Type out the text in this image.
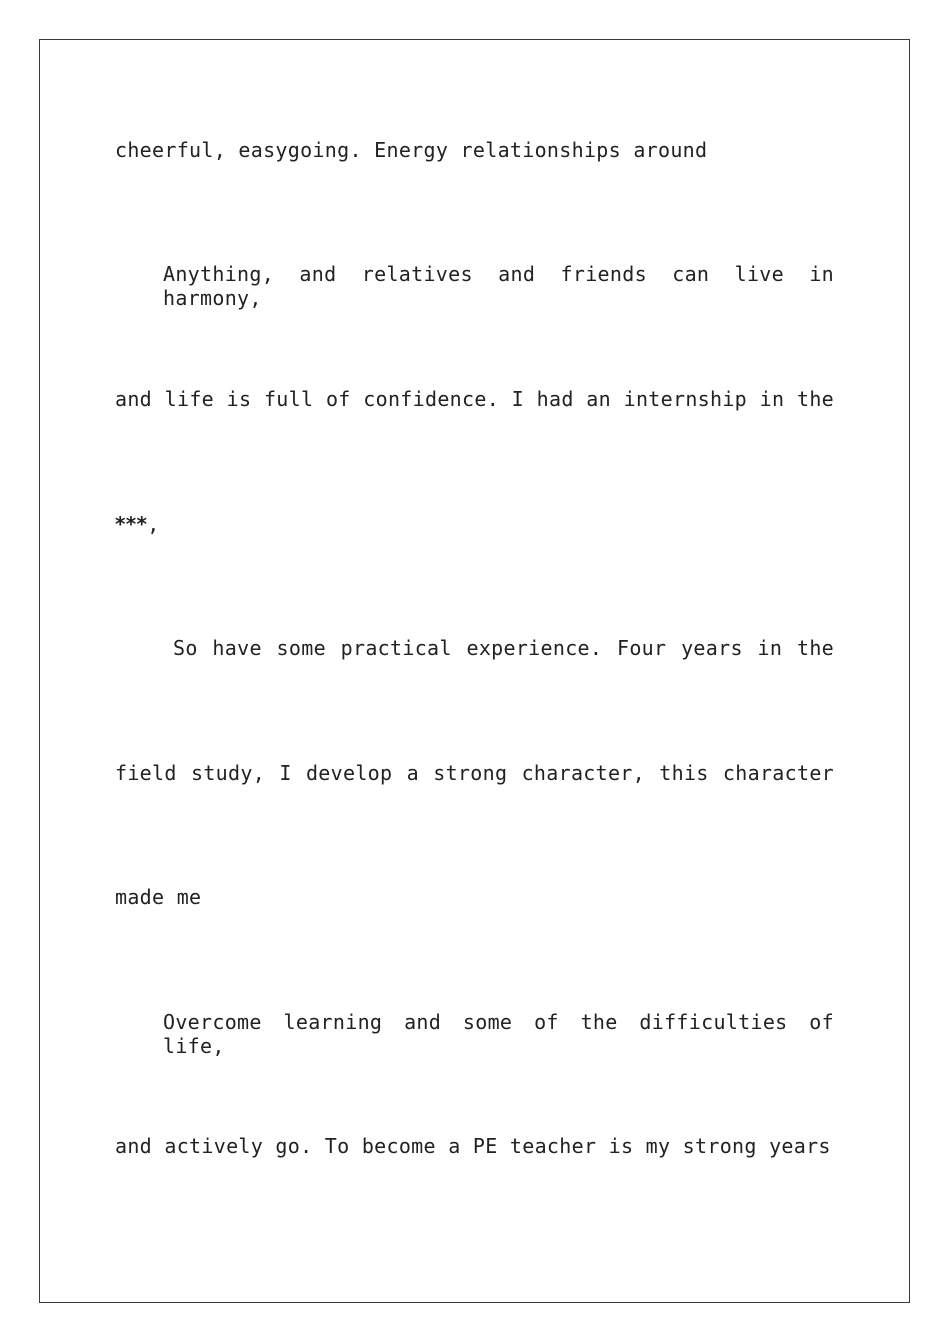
cheerful, easygoing. Energy relationships around
Anything, and relatives and friends can live in harmony,
and life is full of confidence. I had an internship in the
***,
So have some practical experience. Four years in the
field study, I develop a strong character, this character
made me
Overcome learning and some of the difficulties of life,
and actively go. To become a PE teacher is my strong years
